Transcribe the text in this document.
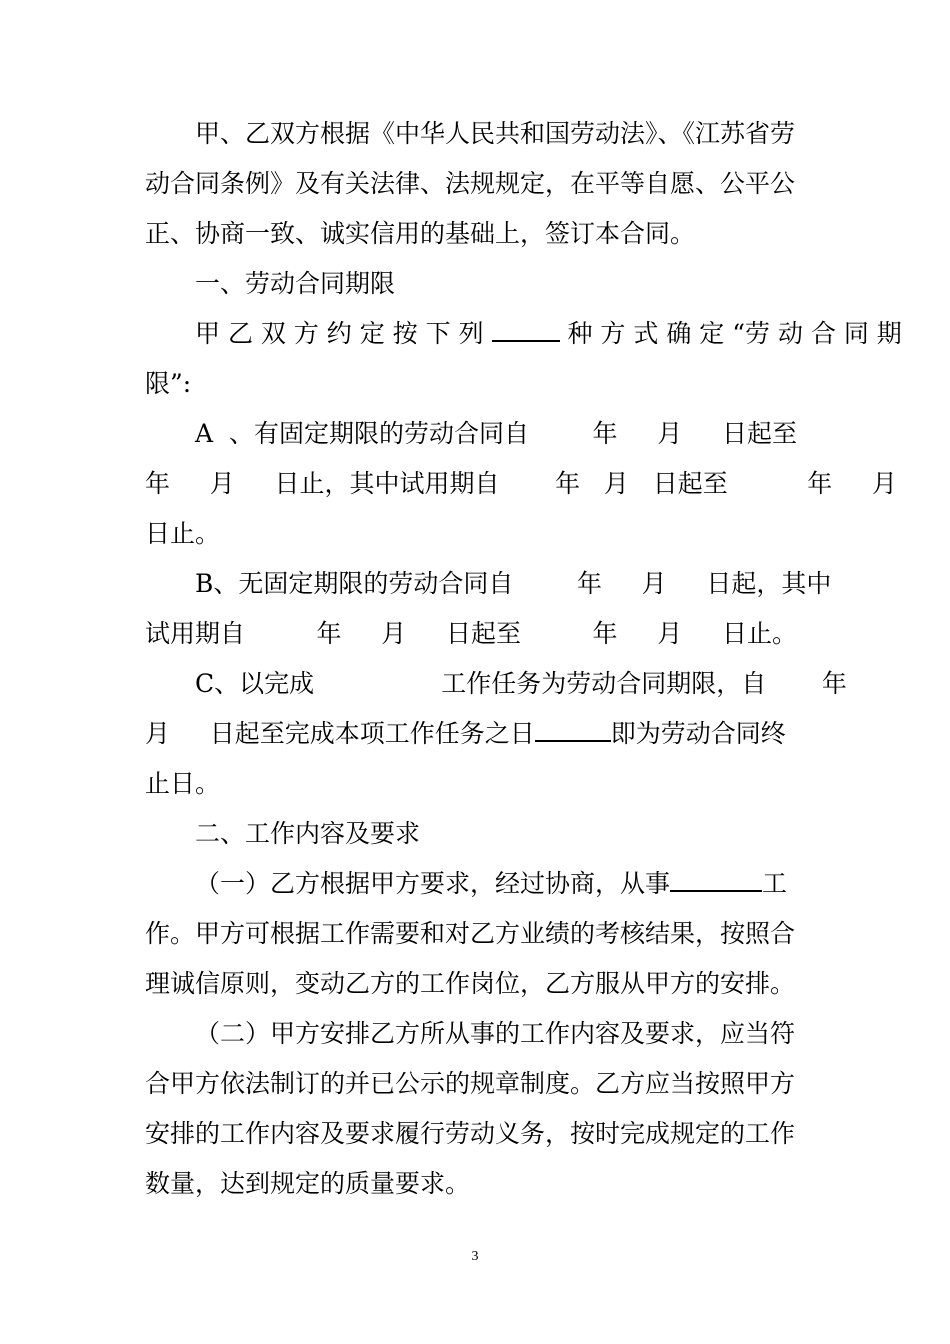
甲、乙双方根据《中华人民共和国劳动法》、《江苏省劳

动合同条例》及有关法律、法规规定，在平等自愿、公平公

正、协商一致、诚实信用的基础上，签订本合同。

一、劳动合同期限

甲 乙 双 方 约 定 按 下 列	种 方 式 确 定 “劳 动 合 同 期

限”:

A  、有固定期限的劳动合同自        年     月     日起至

年     月     日止，其中试用期自       年   月   日起至          年     月

日止。

B、无固定期限的劳动合同自        年     月     日起，其中

试用期自         年     月     日起至         年     月     日止。

C、以完成                工作任务为劳动合同期限，自       年

月     日起至完成本项工作任务之日	即为劳动合同终

止日。

二、工作内容及要求

（一）乙方根据甲方要求，经过协商，从事	工

作。甲方可根据工作需要和对乙方业绩的考核结果，按照合

理诚信原则，变动乙方的工作岗位，乙方服从甲方的安排。

（二）甲方安排乙方所从事的工作内容及要求，应当符

合甲方依法制订的并已公示的规章制度。乙方应当按照甲方

安排的工作内容及要求履行劳动义务，按时完成规定的工作

数量，达到规定的质量要求。

3
